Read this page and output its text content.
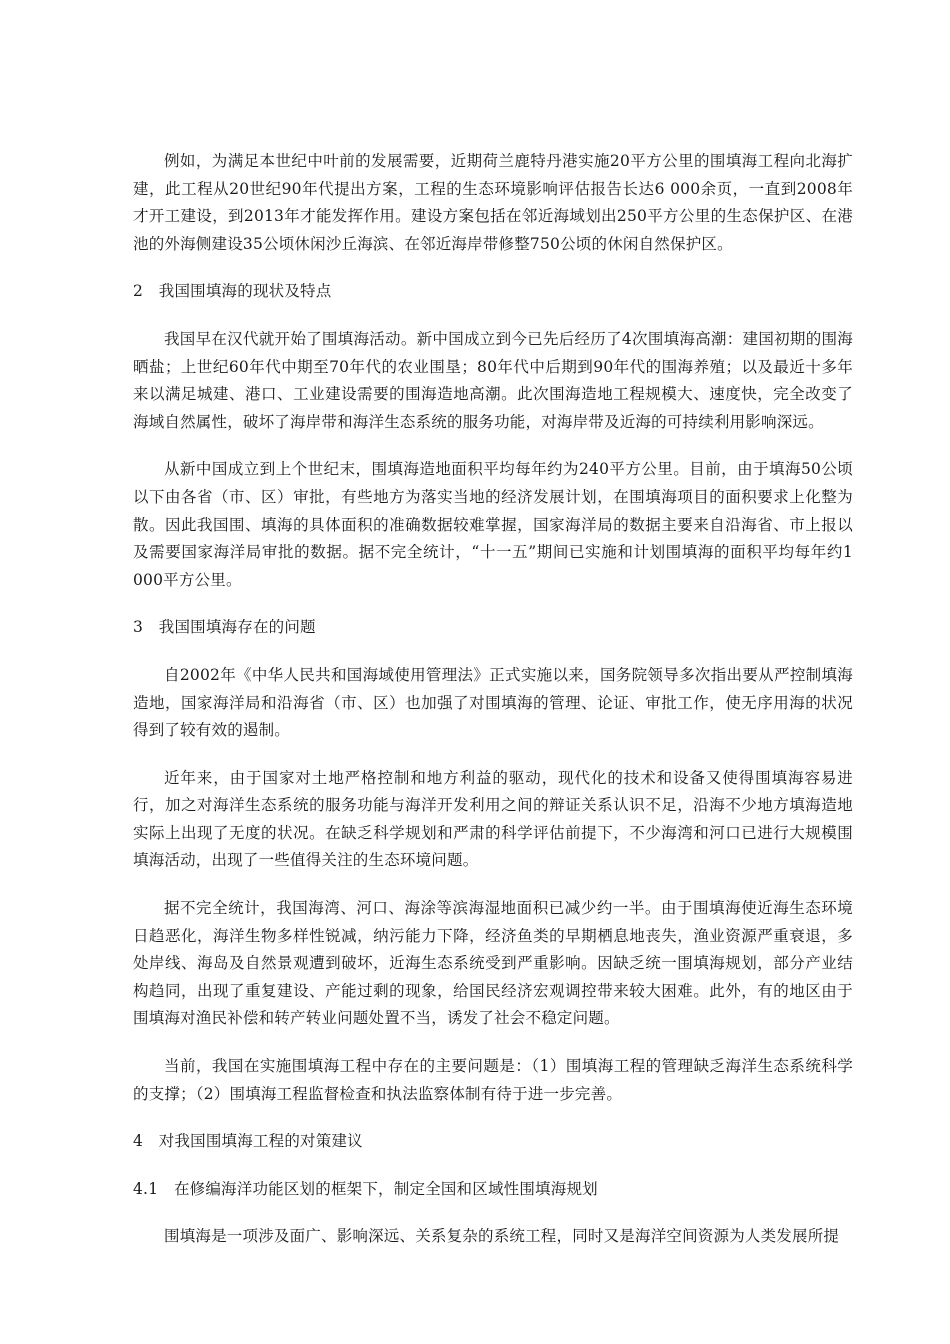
例如，为满足本世纪中叶前的发展需要，近期荷兰鹿特丹港实施20平方公里的围填海工程向北海扩建，此工程从20世纪90年代提出方案，工程的生态环境影响评估报告长达6 000余页，一直到2008年才开工建设，到2013年才能发挥作用。建设方案包括在邻近海域划出250平方公里的生态保护区、在港池的外海侧建设35公顷休闲沙丘海滨、在邻近海岸带修整750公顷的休闲自然保护区。

2　我国围填海的现状及特点

我国早在汉代就开始了围填海活动。新中国成立到今已先后经历了4次围填海高潮：建国初期的围海晒盐；上世纪60年代中期至70年代的农业围垦；80年代中后期到90年代的围海养殖；以及最近十多年来以满足城建、港口、工业建设需要的围海造地高潮。此次围海造地工程规模大、速度快，完全改变了海域自然属性，破坏了海岸带和海洋生态系统的服务功能，对海岸带及近海的可持续利用影响深远。

从新中国成立到上个世纪末，围填海造地面积平均每年约为240平方公里。目前，由于填海50公顷以下由各省（市、区）审批，有些地方为落实当地的经济发展计划，在围填海项目的面积要求上化整为散。因此我国围、填海的具体面积的准确数据较难掌握，国家海洋局的数据主要来自沿海省、市上报以及需要国家海洋局审批的数据。据不完全统计，“十一五”期间已实施和计划围填海的面积平均每年约1 000平方公里。

3　我国围填海存在的问题

自2002年《中华人民共和国海域使用管理法》正式实施以来，国务院领导多次指出要从严控制填海造地，国家海洋局和沿海省（市、区）也加强了对围填海的管理、论证、审批工作，使无序用海的状况得到了较有效的遏制。

近年来，由于国家对土地严格控制和地方利益的驱动，现代化的技术和设备又使得围填海容易进行，加之对海洋生态系统的服务功能与海洋开发利用之间的辩证关系认识不足，沿海不少地方填海造地实际上出现了无度的状况。在缺乏科学规划和严肃的科学评估前提下，不少海湾和河口已进行大规模围填海活动，出现了一些值得关注的生态环境问题。

据不完全统计，我国海湾、河口、海涂等滨海湿地面积已减少约一半。由于围填海使近海生态环境日趋恶化，海洋生物多样性锐减，纳污能力下降，经济鱼类的早期栖息地丧失，渔业资源严重衰退，多处岸线、海岛及自然景观遭到破坏，近海生态系统受到严重影响。因缺乏统一围填海规划，部分产业结构趋同，出现了重复建设、产能过剩的现象，给国民经济宏观调控带来较大困难。此外，有的地区由于围填海对渔民补偿和转产转业问题处置不当，诱发了社会不稳定问题。

当前，我国在实施围填海工程中存在的主要问题是：（1）围填海工程的管理缺乏海洋生态系统科学的支撑；（2）围填海工程监督检查和执法监察体制有待于进一步完善。

4　对我国围填海工程的对策建议

4.1　在修编海洋功能区划的框架下，制定全国和区域性围填海规划

围填海是一项涉及面广、影响深远、关系复杂的系统工程，同时又是海洋空间资源为人类发展所提
